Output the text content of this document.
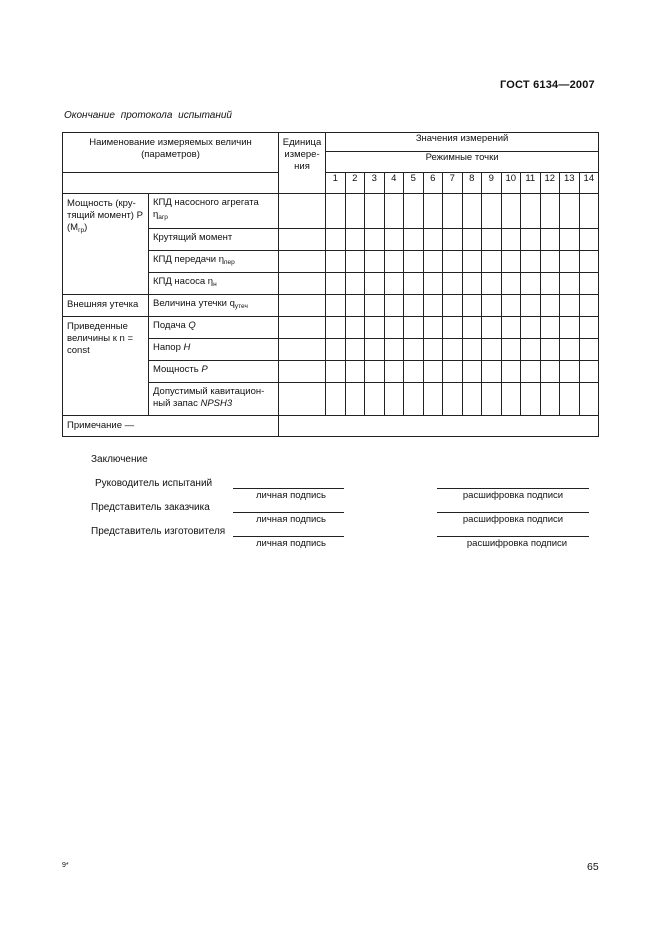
ГОСТ 6134—2007
Окончание протокола испытаний
Наименование измеряемых величин (параметров)		Единица измере-ния	Значения измерений													
			Режимные точки													
			1	2	3	4	5	6	7	8	9	10	11	12	13	14
Мощность (кру-тящий момент) P $(M_{гр})$	КПД насосного агрегата $\eta_{агр}$															
	Крутящий момент															
	КПД передачи $\eta_{пер}$															
	КПД насоса $\eta_н$															
Внешняя утечка	Величина утечки $q_{утеч}$															
Приведенные величины к n = const	Подача Q															
	Напор H															
	Мощность P															
	Допустимый кавитацион-ный запас NPSH3															
Примечание —																
Заключение
Руководитель испытаний
личная подпись	расшифровка подписи
Представитель заказчика
личная подпись	расшифровка подписи
Представитель изготовителя
личная подпись	расшифровка подписи
9*	65
